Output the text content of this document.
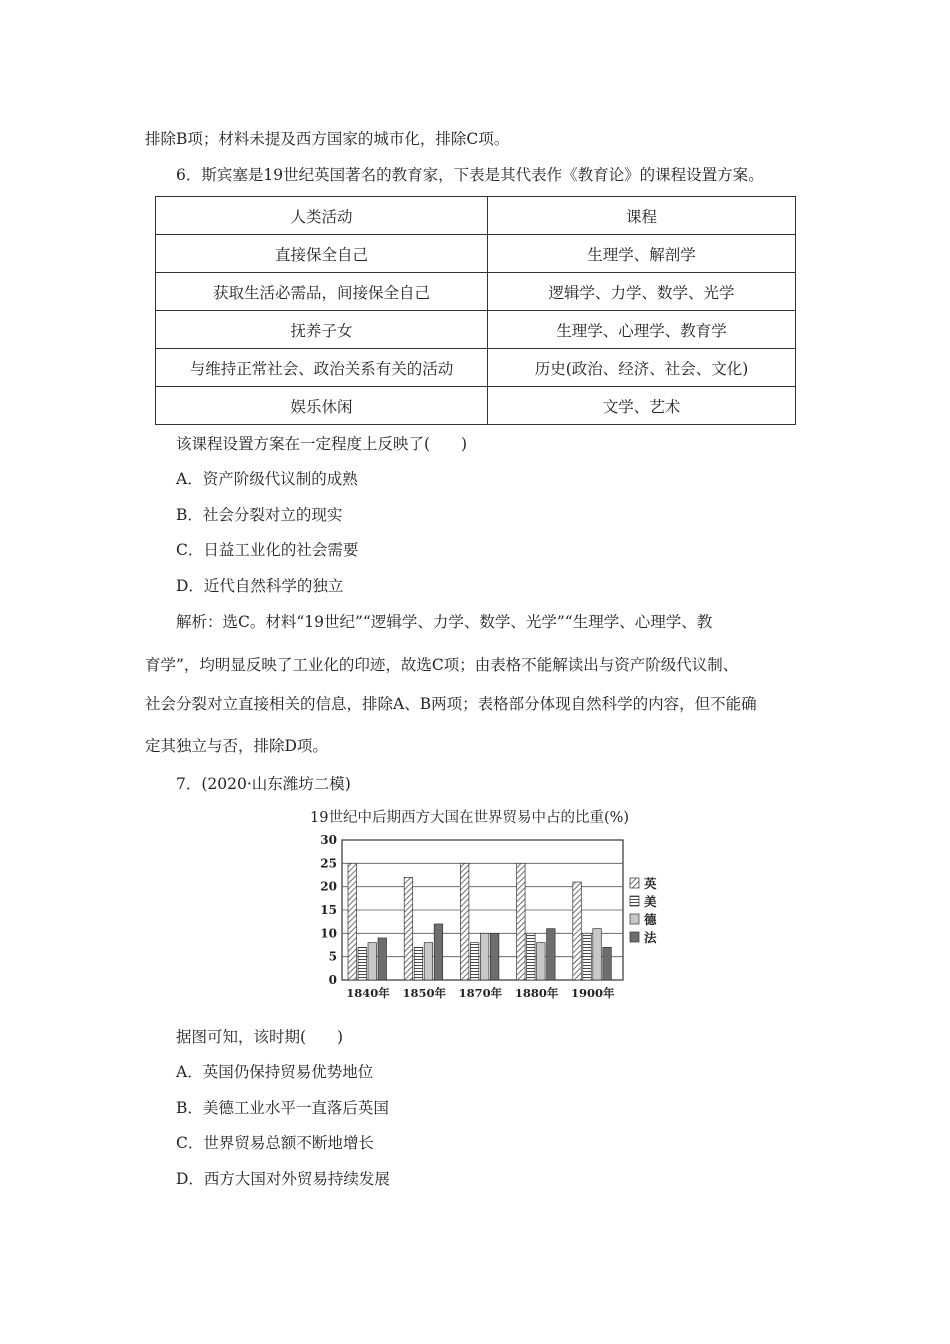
排除B项；材料未提及西方国家的城市化，排除C项。
6．斯宾塞是19世纪英国著名的教育家，下表是其代表作《教育论》的课程设置方案。
人类活动	课程
直接保全自己	生理学、解剖学
获取生活必需品，间接保全自己	逻辑学、力学、数学、光学
抚养子女	生理学、心理学、教育学
与维持正常社会、政治关系有关的活动	历史(政治、经济、社会、文化)
娱乐休闲	文学、艺术
该课程设置方案在一定程度上反映了(　　)
A．资产阶级代议制的成熟
B．社会分裂对立的现实
C．日益工业化的社会需要
D．近代自然科学的独立
解析：选C。材料“19世纪”“逻辑学、力学、数学、光学”“生理学、心理学、教
育学”，均明显反映了工业化的印迹，故选C项；由表格不能解读出与资产阶级代议制、
社会分裂对立直接相关的信息，排除A、B两项；表格部分体现自然科学的内容，但不能确
定其独立与否，排除D项。
7．(2020·山东潍坊二模)
19世纪中后期西方大国在世界贸易中占的比重(%)
0
5
10
15
20
25
30
1840年 1850年 1870年 1880年 1900年
英
美
德
法
据图可知，该时期(　　)
A．英国仍保持贸易优势地位
B．美德工业水平一直落后英国
C．世界贸易总额不断地增长
D．西方大国对外贸易持续发展
